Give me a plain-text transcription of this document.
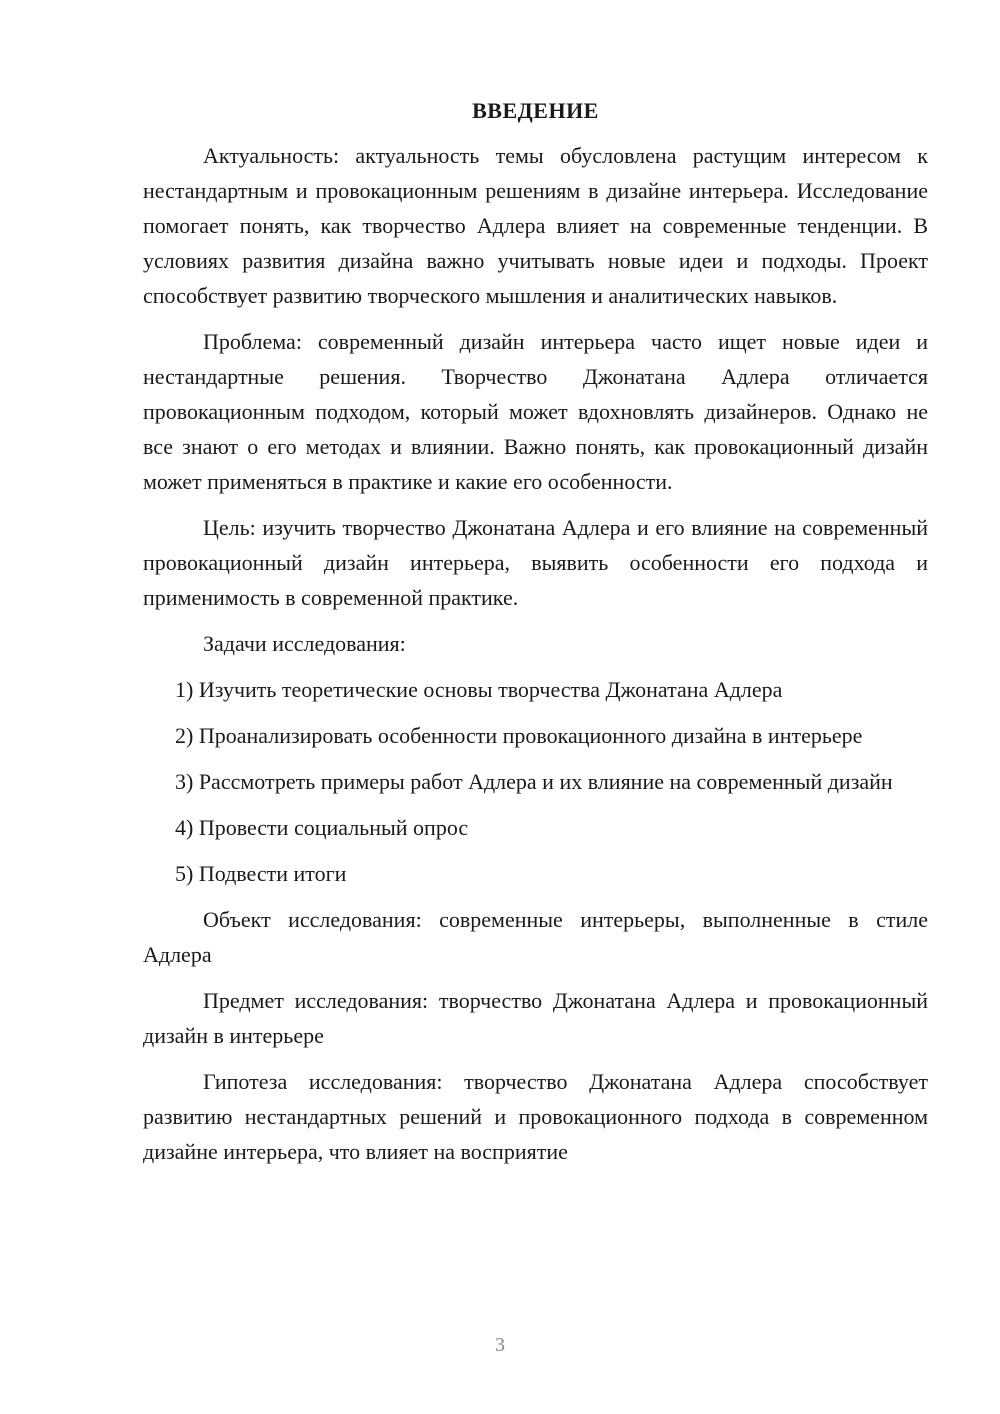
ВВЕДЕНИЕ

Актуальность: актуальность темы обусловлена растущим интересом к нестандартным и провокационным решениям в дизайне интерьера. Исследование помогает понять, как творчество Адлера влияет на современные тенденции. В условиях развития дизайна важно учитывать новые идеи и подходы. Проект способствует развитию творческого мышления и аналитических навыков.

Проблема: современный дизайн интерьера часто ищет новые идеи и нестандартные решения. Творчество Джонатана Адлера отличается провокационным подходом, который может вдохновлять дизайнеров. Однако не все знают о его методах и влиянии. Важно понять, как провокационный дизайн может применяться в практике и какие его особенности.

Цель: изучить творчество Джонатана Адлера и его влияние на современный провокационный дизайн интерьера, выявить особенности его подхода и применимость в современной практике.

Задачи исследования:

1) Изучить теоретические основы творчества Джонатана Адлера

2) Проанализировать особенности провокационного дизайна в интерьере

3) Рассмотреть примеры работ Адлера и их влияние на современный дизайн

4) Провести социальный опрос

5) Подвести итоги

Объект исследования: современные интерьеры, выполненные в стиле Адлера

Предмет исследования: творчество Джонатана Адлера и провокационный дизайн в интерьере

Гипотеза исследования: творчество Джонатана Адлера способствует развитию нестандартных решений и провокационного подхода в современном дизайне интерьера, что влияет на восприятие

3
